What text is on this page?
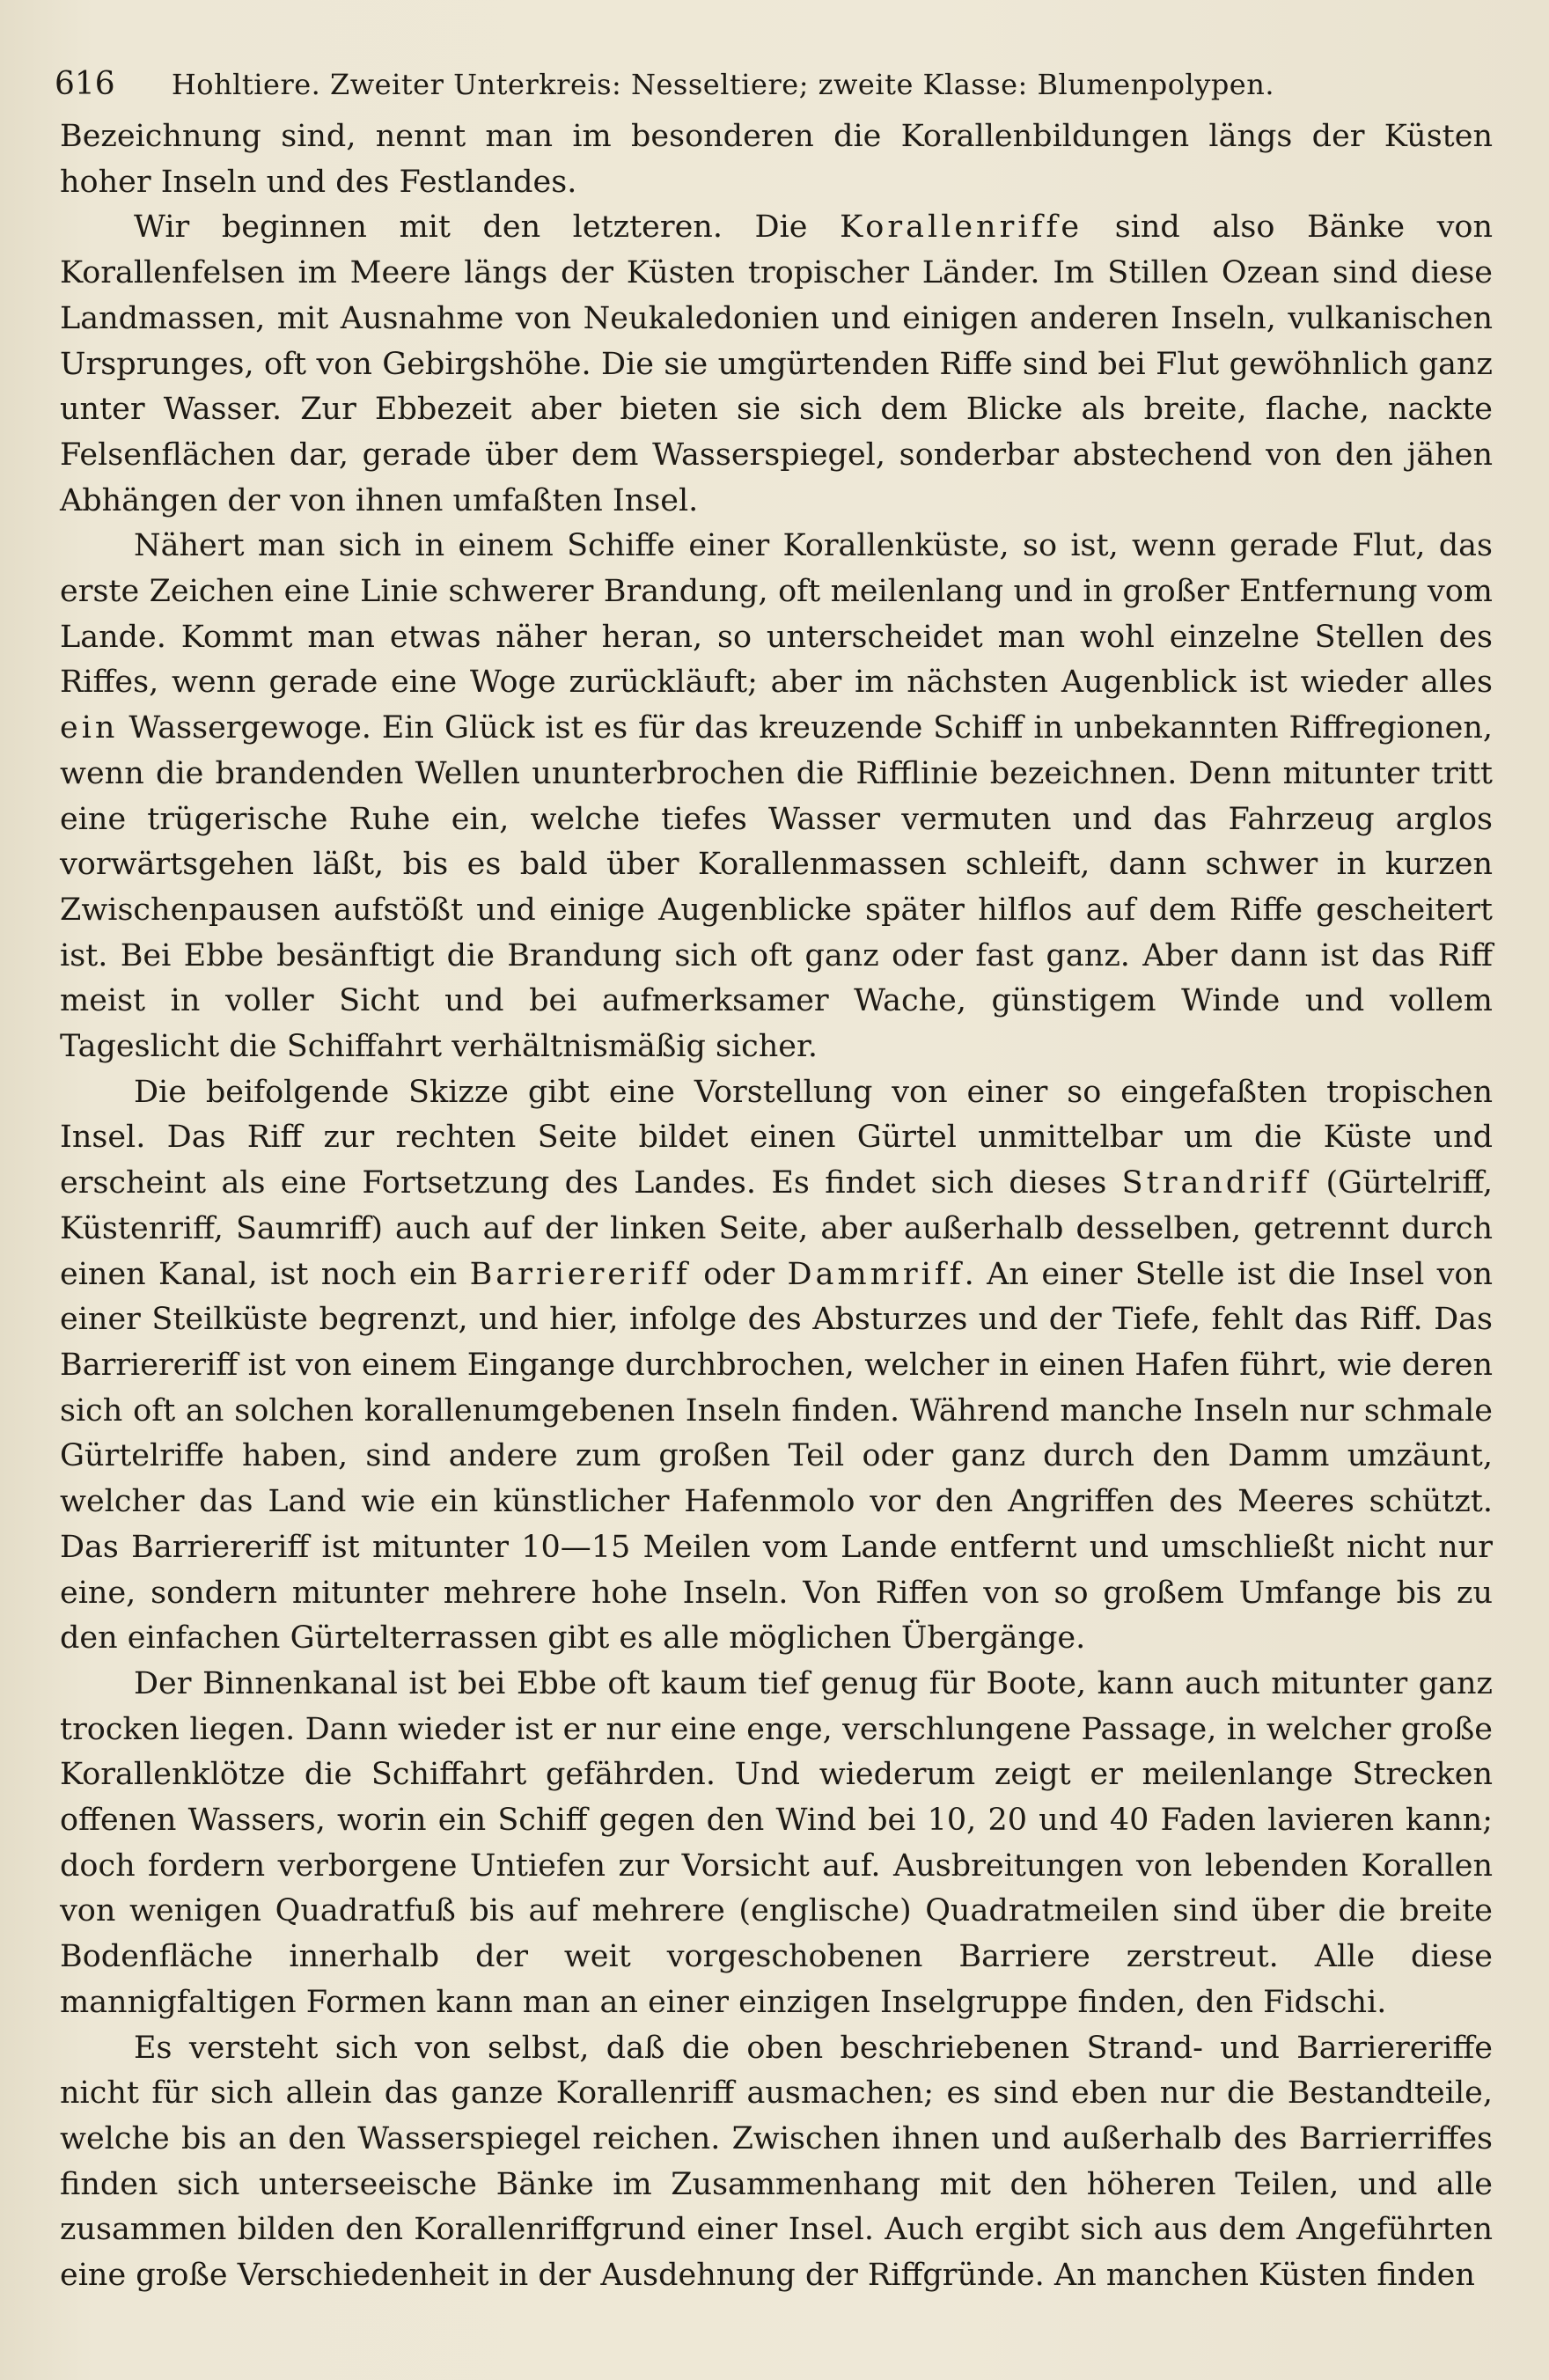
616 Hohltiere. Zweiter Unterkreis: Nesseltiere; zweite Klasse: Blumenpolypen.

Bezeichnung sind, nennt man im besonderen die Korallenbildungen längs der Küsten hoher Inseln und des Festlandes.

Wir beginnen mit den letzteren. Die Korallenriffe sind also Bänke von Korallenfelsen im Meere längs der Küsten tropischer Länder. Im Stillen Ozean sind diese Landmassen, mit Ausnahme von Neukaledonien und einigen anderen Inseln, vulkanischen Ursprunges, oft von Gebirgshöhe. Die sie umgürtenden Riffe sind bei Flut gewöhnlich ganz unter Wasser. Zur Ebbezeit aber bieten sie sich dem Blicke als breite, flache, nackte Felsenflächen dar, gerade über dem Wasserspiegel, sonderbar abstechend von den jähen Abhängen der von ihnen umfaßten Insel.

Nähert man sich in einem Schiffe einer Korallenküste, so ist, wenn gerade Flut, das erste Zeichen eine Linie schwerer Brandung, oft meilenlang und in großer Entfernung vom Lande. Kommt man etwas näher heran, so unterscheidet man wohl einzelne Stellen des Riffes, wenn gerade eine Woge zurückläuft; aber im nächsten Augenblick ist wieder alles ein Wassergewoge. Ein Glück ist es für das kreuzende Schiff in unbekannten Riffregionen, wenn die brandenden Wellen ununterbrochen die Rifflinie bezeichnen. Denn mitunter tritt eine trügerische Ruhe ein, welche tiefes Wasser vermuten und das Fahrzeug arglos vorwärtsgehen läßt, bis es bald über Korallenmassen schleift, dann schwer in kurzen Zwischenpausen aufstößt und einige Augenblicke später hilflos auf dem Riffe gescheitert ist. Bei Ebbe besänftigt die Brandung sich oft ganz oder fast ganz. Aber dann ist das Riff meist in voller Sicht und bei aufmerksamer Wache, günstigem Winde und vollem Tageslicht die Schiffahrt verhältnismäßig sicher.

Die beifolgende Skizze gibt eine Vorstellung von einer so eingefaßten tropischen Insel. Das Riff zur rechten Seite bildet einen Gürtel unmittelbar um die Küste und erscheint als eine Fortsetzung des Landes. Es findet sich dieses Strandriff (Gürtelriff, Küstenriff, Saumriff) auch auf der linken Seite, aber außerhalb desselben, getrennt durch einen Kanal, ist noch ein Barriereriff oder Dammriff. An einer Stelle ist die Insel von einer Steilküste begrenzt, und hier, infolge des Absturzes und der Tiefe, fehlt das Riff. Das Barriereriff ist von einem Eingange durchbrochen, welcher in einen Hafen führt, wie deren sich oft an solchen korallenumgebenen Inseln finden. Während manche Inseln nur schmale Gürtelriffe haben, sind andere zum großen Teil oder ganz durch den Damm umzäunt, welcher das Land wie ein künstlicher Hafenmolo vor den Angriffen des Meeres schützt. Das Barriereriff ist mitunter 10—15 Meilen vom Lande entfernt und umschließt nicht nur eine, sondern mitunter mehrere hohe Inseln. Von Riffen von so großem Umfange bis zu den einfachen Gürtelterrassen gibt es alle möglichen Übergänge.

Der Binnenkanal ist bei Ebbe oft kaum tief genug für Boote, kann auch mitunter ganz trocken liegen. Dann wieder ist er nur eine enge, verschlungene Passage, in welcher große Korallenklötze die Schiffahrt gefährden. Und wiederum zeigt er meilenlange Strecken offenen Wassers, worin ein Schiff gegen den Wind bei 10, 20 und 40 Faden lavieren kann; doch fordern verborgene Untiefen zur Vorsicht auf. Ausbreitungen von lebenden Korallen von wenigen Quadratfuß bis auf mehrere (englische) Quadratmeilen sind über die breite Bodenfläche innerhalb der weit vorgeschobenen Barriere zerstreut. Alle diese mannigfaltigen Formen kann man an einer einzigen Inselgruppe finden, den Fidschi.

Es versteht sich von selbst, daß die oben beschriebenen Strand- und Barriereriffe nicht für sich allein das ganze Korallenriff ausmachen; es sind eben nur die Bestandteile, welche bis an den Wasserspiegel reichen. Zwischen ihnen und außerhalb des Barrierriffes finden sich unterseeische Bänke im Zusammenhang mit den höheren Teilen, und alle zusammen bilden den Korallenriffgrund einer Insel. Auch ergibt sich aus dem Angeführten eine große Verschiedenheit in der Ausdehnung der Riffgründe. An manchen Küsten finden
